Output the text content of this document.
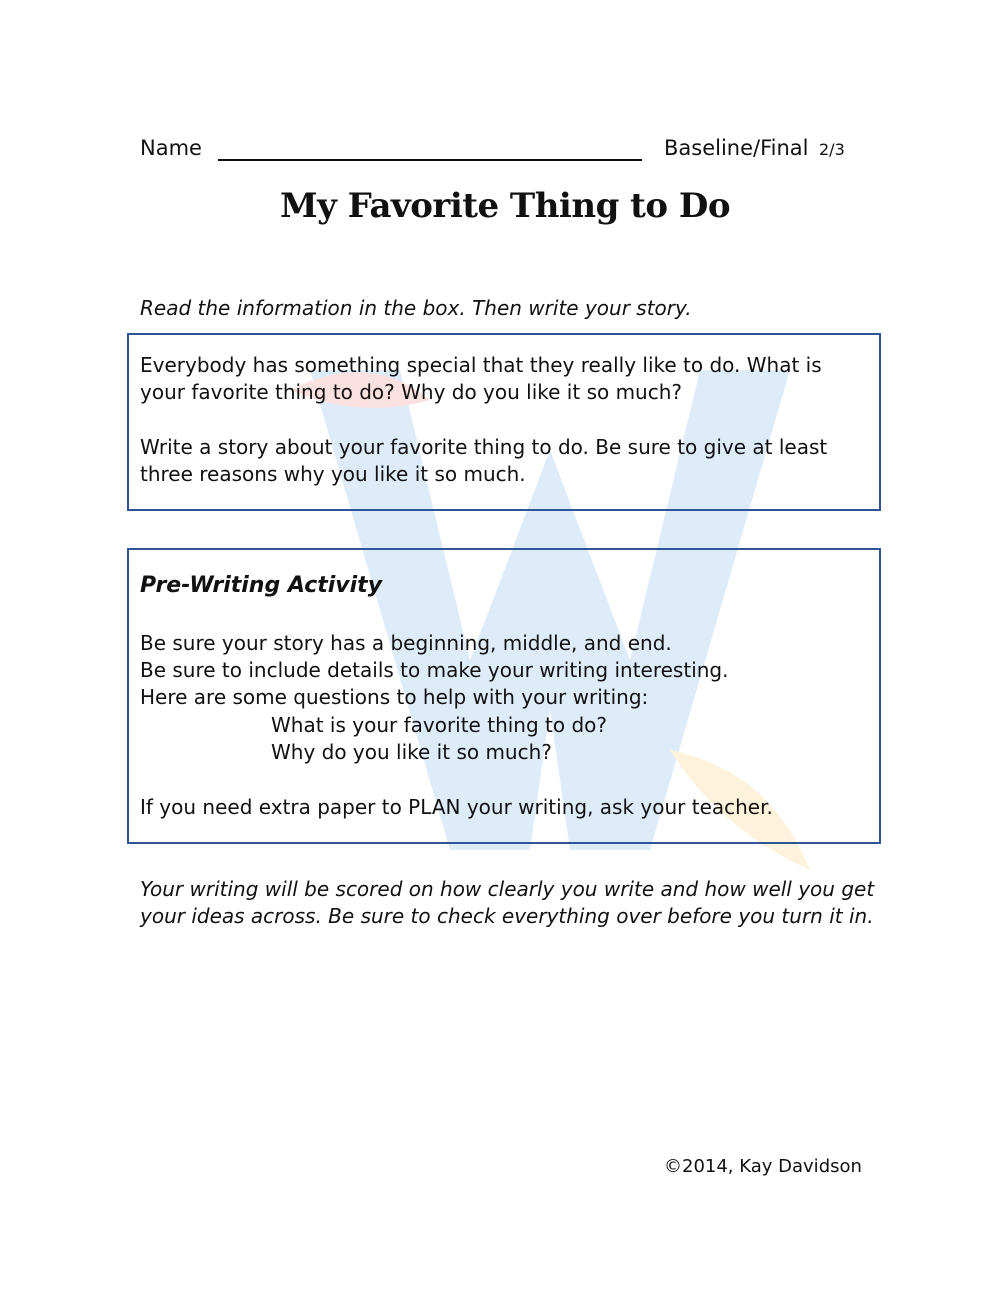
Name	Baseline/Final 2/3
My Favorite Thing to Do
Read the information in the box. Then write your story.
Everybody has something special that they really like to do. What is your favorite thing to do? Why do you like it so much?
Write a story about your favorite thing to do. Be sure to give at least three reasons why you like it so much.
Pre-Writing Activity
Be sure your story has a beginning, middle, and end.
Be sure to include details to make your writing interesting.
Here are some questions to help with your writing:
What is your favorite thing to do?
Why do you like it so much?
If you need extra paper to PLAN your writing, ask your teacher.
Your writing will be scored on how clearly you write and how well you get your ideas across. Be sure to check everything over before you turn it in.
©2014, Kay Davidson
